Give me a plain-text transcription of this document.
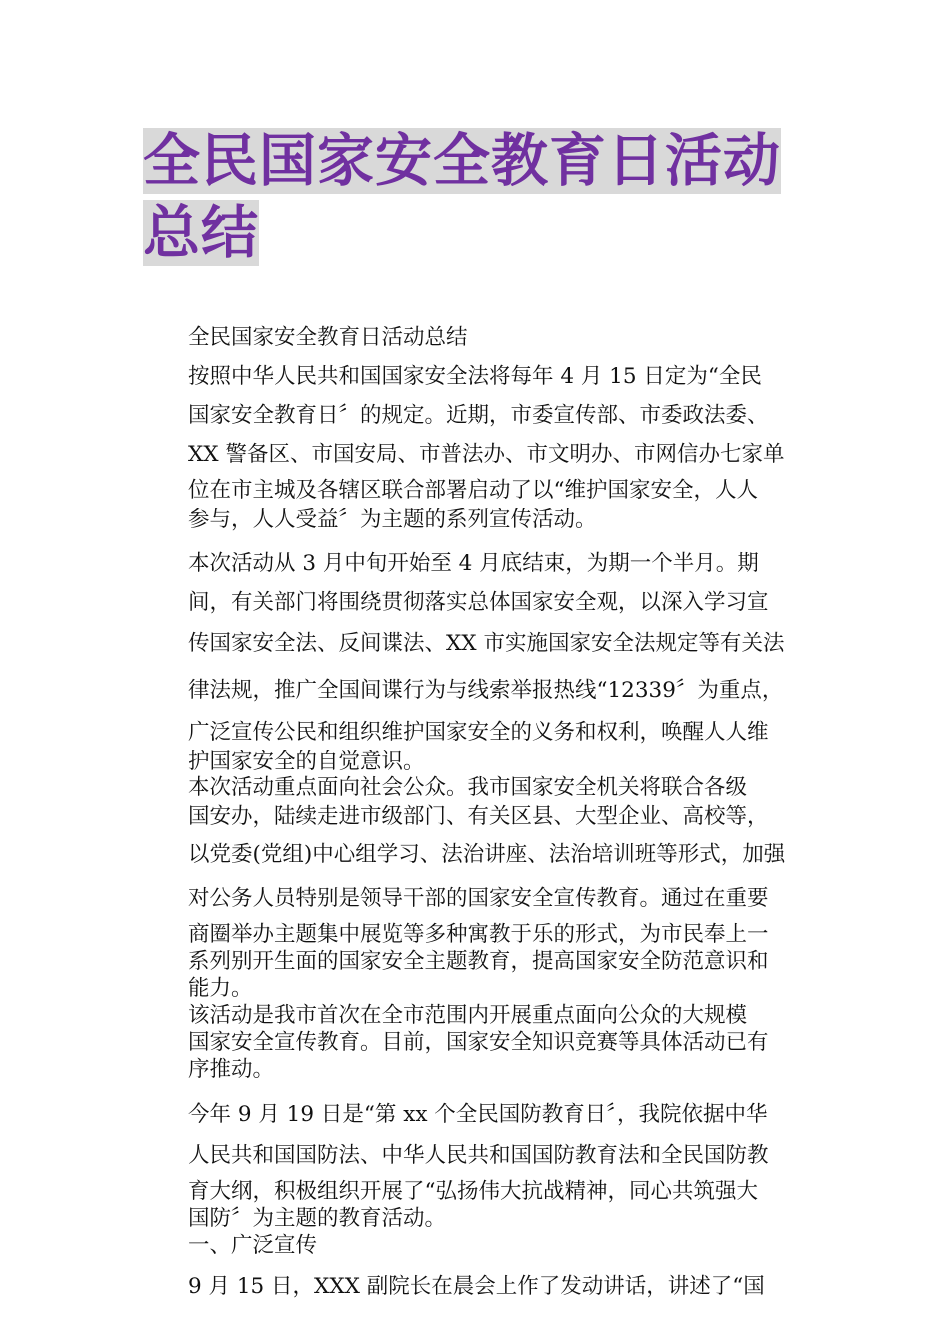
全民国家安全教育日活动
总结

全民国家安全教育日活动总结

按照中华人民共和国国家安全法将每年 4 月 15 日定为“全民
国家安全教育日〞的规定。近期，市委宣传部、市委政法委、
XX 警备区、市国安局、市普法办、市文明办、市网信办七家单
位在市主城及各辖区联合部署启动了以“维护国家安全，人人
参与，人人受益〞为主题的系列宣传活动。

本次活动从 3 月中旬开始至 4 月底结束，为期一个半月。期
间，有关部门将围绕贯彻落实总体国家安全观，以深入学习宣
传国家安全法、反间谍法、XX 市实施国家安全法规定等有关法
律法规，推广全国间谍行为与线索举报热线“12339〞为重点，
广泛宣传公民和组织维护国家安全的义务和权利，唤醒人人维
护国家安全的自觉意识。

本次活动重点面向社会公众。我市国家安全机关将联合各级
国安办，陆续走进市级部门、有关区县、大型企业、高校等，
以党委(党组)中心组学习、法治讲座、法治培训班等形式，加强
对公务人员特别是领导干部的国家安全宣传教育。通过在重要
商圈举办主题集中展览等多种寓教于乐的形式，为市民奉上一
系列别开生面的国家安全主题教育，提高国家安全防范意识和
能力。

该活动是我市首次在全市范围内开展重点面向公众的大规模
国家安全宣传教育。目前，国家安全知识竞赛等具体活动已有
序推动。

今年 9 月 19 日是“第 xx 个全民国防教育日〞，我院依据中华
人民共和国国防法、中华人民共和国国防教育法和全民国防教
育大纲，积极组织开展了“弘扬伟大抗战精神，同心共筑强大
国防〞为主题的教育活动。

一、广泛宣传

9 月 15 日，XXX 副院长在晨会上作了发动讲话，讲述了“国
